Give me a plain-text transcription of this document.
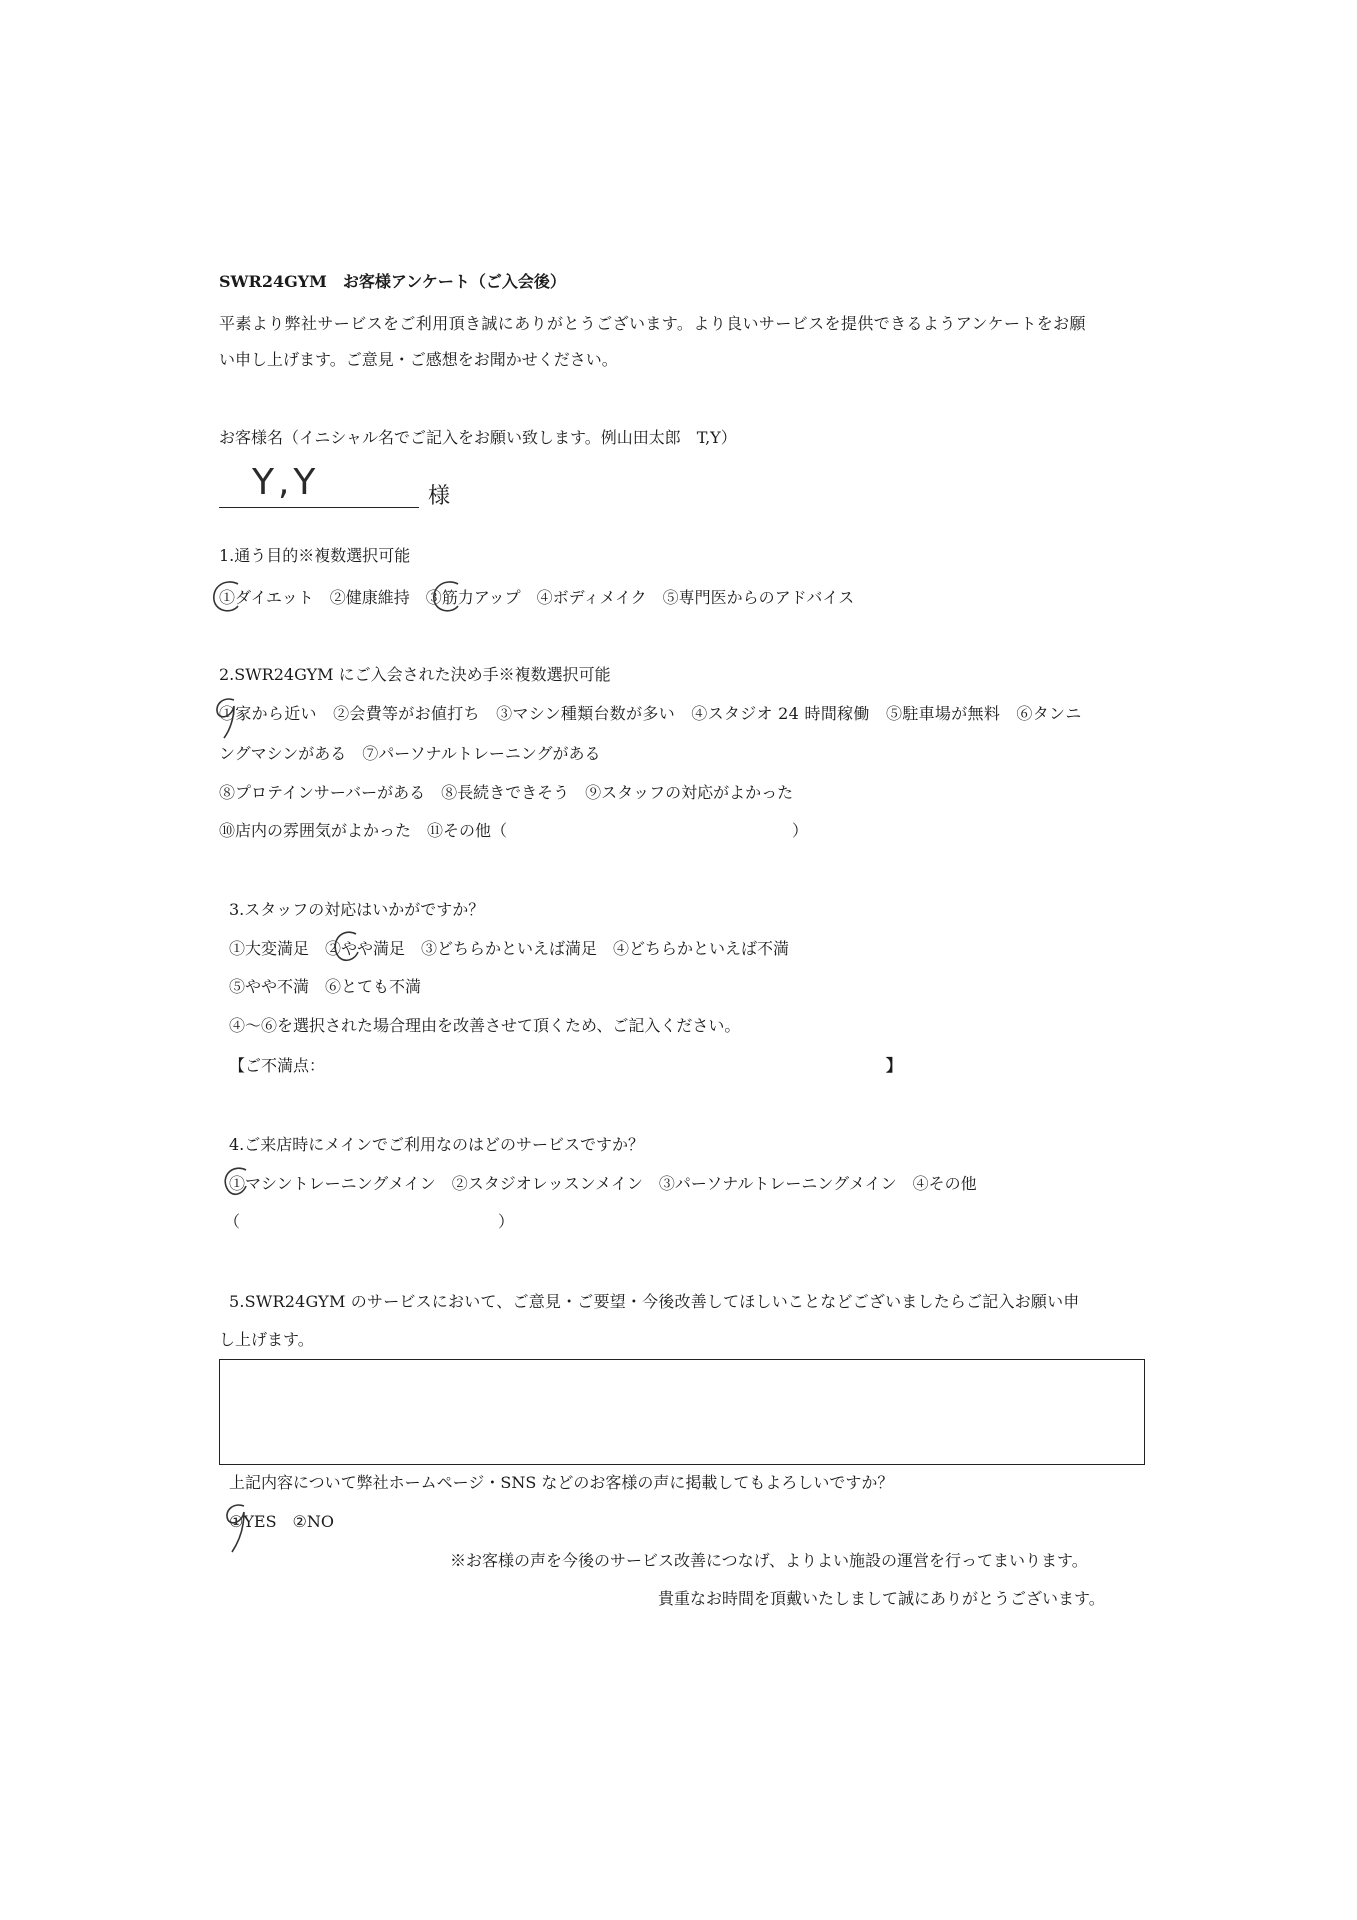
SWR24GYM　お客様アンケート（ご入会後）
平素より弊社サービスをご利用頂き誠にありがとうございます。より良いサービスを提供できるようアンケートをお願
い申し上げます。ご意見・ご感想をお聞かせください。
お客様名（イニシャル名でご記入をお願い致します。例山田太郎　T,Y）
Y,Y	様
1.通う目的※複数選択可能
①ダイエット　②健康維持　③筋力アップ　④ボディメイク　⑤専門医からのアドバイス
2.SWR24GYM にご入会された決め手※複数選択可能
①家から近い　②会費等がお値打ち　③マシン種類台数が多い　④スタジオ 24 時間稼働　⑤駐車場が無料　⑥タンニ
ングマシンがある　⑦パーソナルトレーニングがある
⑧プロテインサーバーがある　⑧長続きできそう　⑨スタッフの対応がよかった
⑩店内の雰囲気がよかった　⑪その他（	）
3.スタッフの対応はいかがですか？
①大変満足　②やや満足　③どちらかといえば満足　④どちらかといえば不満
⑤やや不満　⑥とても不満
④〜⑥を選択された場合理由を改善させて頂くため、ご記入ください。
【ご不満点：	】
4.ご来店時にメインでご利用なのはどのサービスですか？
①マシントレーニングメイン　②スタジオレッスンメイン　③パーソナルトレーニングメイン　④その他
（	）
5.SWR24GYM のサービスにおいて、ご意見・ご要望・今後改善してほしいことなどございましたらご記入お願い申
し上げます。
上記内容について弊社ホームページ・SNS などのお客様の声に掲載してもよろしいですか？
①YES　②NO
※お客様の声を今後のサービス改善につなげ、よりよい施設の運営を行ってまいります。
貴重なお時間を頂戴いたしまして誠にありがとうございます。
